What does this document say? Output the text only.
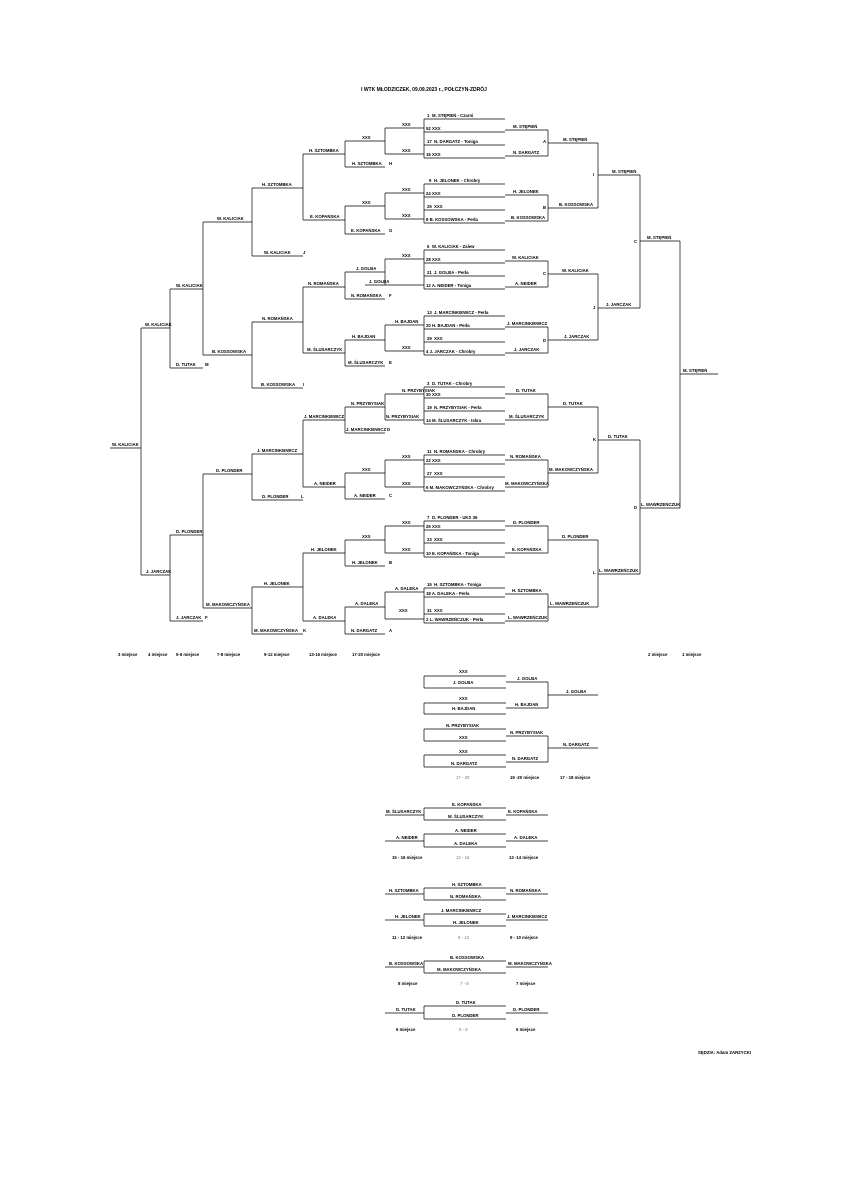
I WTK MŁODZICZEK, 09.09.2023 r., POŁCZYN-ZDRÓJ
1 M. STĘPIEŃ - Czarni
52 XXX
17 N. DARGATZ - Toniga
16 XXX
9 H. JELONEK - Chrobry
24 XXX
25 XXX
8 B. KOSSOWSKA - Perła
5 W. KALICIAK - Zalew
28 XXX
21 J. GOLBA - Perła
12 A. NEIDER - Toniga
13 J. MARCINKIEWICZ - Perła
20 H. BAJDAN - Perła
29 XXX
4 J. JARCZAK - Chrobry
3 D. TUTAK - Chrobry
30 XXX
19 N. PRZYBYSIAK - Perła
14 M. ŚLUSARCZYK - Iskra
11 N. ROMAŃSKA - Chrobry
22 XXX
27 XXX
6 M. MAKOWCZYŃSKA - Chrobry
7 D. PLONDER - UKS 36
26 XXX
23 XXX
10 E. KOPAŃSKA - Toniga
15 H. SZTOMBKA - Toniga
18 A. DALEKA - Perła
31 XXX
2 L. WAWRZEŃCZUK - Perła
M. STĘPIEŃ
N. DARGATZ
A
H. JELONEK
B. KOSSOWSKA
B
W. KALICIAK
A. NEIDER
C
J. MARCINKIEWICZ
J. JARCZAK
D
D. TUTAK
M. ŚLUSARCZYK
N. ROMAŃSKA
M. MAKOWCZYŃSKA
D. PLONDER
E. KOPAŃSKA
H. SZTOMBKA
L. WAWRZEŃCZUK
M. STĘPIEŃ
B. KOSSOWSKA
I
W. KALICIAK
J. JARCZAK
J
D. TUTAK
M. MAKOWCZYŃSKA
K
D. PLONDER
L. WAWRZEŃCZUK
L
M. STĘPIEŃ
J. JARCZAK
C
D. TUTAK
L. WAWRZEŃCZUK
D
M. STĘPIEŃ
L. WAWRZEŃCZUK
M. STĘPIEŃ
XXX
XXX
XXX
H. SZTOMBKA H
XXX
XXX
XXX
E. KOPAŃSKA G
XXX
J. GOLBA
J. GOLBA
N. ROMAŃSKA F
H. BAJDAN
H. BAJDAN
XXX
M. ŚLUSARCZYK E
N. PRZYBYSIAK
N. PRZYBYSIAK
N. PRZYBYSIAK
J. MARCINKIEWICZ D
XXX
XXX
XXX
A. NEIDER	C
XXX
XXX
XXX
H. JELONEK	B
A. DALEKA
A. DALEKA
XXX
N. DARGATZ	A
H. SZTOMBKA
E. KOPAŃSKA
N. ROMAŃSKA
M. ŚLUSARCZYK
J. MARCINKIEWICZ
A. NEIDER
H. JELONEK
A. DALEKA
H. SZTOMBKA
W. KALICIAK	J
N. ROMAŃSKA
B. KOSSOWSKA I
J. MARCINKIEWICZ
D. PLONDER	L
H. JELONEK
M. MAKOWCZYŃSKA K
W. KALICIAK
B. KOSSOWSKA
D. PLONDER
M. MAKOWCZYŃSKA
W. KALICIAK
D. TUTAK M
D. PLONDER
J. JARCZAK F
W. KALICIAK
J. JARCZAK
W. KALICIAK
3 miejsce 4 miejsce 5-6 miejsce	7-8 miejsce	9-12 miejsce	13-16 miejsce	17-20 miejsce	2 miejsce	1 miejsce
XXX
J. GOLBA
J. GOLBA
XXX
H. BAJDAN
H. BAJDAN
J. GOLBA
N. PRZYBYSIAK
XXX
N. PRZYBYSIAK
XXX
N. DARGATZ
N. DARGATZ
N. DARGATZ
17 - 20	19 -20 miejsce	17 - 18 miejsce
E. KOPAŃSKA
M. ŚLUSARCZYK	E. KOPAŃSKA
M. ŚLUSARCZYK
A. NEIDER
A. NEIDER	A. DALEKA
A. DALEKA
15 - 16 miejsce	13 - 16	13 -14 miejsce
H. SZTOMBKA
H. SZTOMBKA	N. ROMAŃSKA
N. ROMAŃSKA
J. MARCINKIEWICZ
H. JELONEK	J. MARCINKIEWICZ
H. JELONEK
11 - 12 miejsce	9 - 12	9 - 10 miejsce
B. KOSSOWSKA
B. KOSSOWSKA	M. MAKOWCZYŃSKA
M. MAKOWCZYŃSKA
8 miejsce	7 - 8	7 miejsce
D. TUTAK
D. TUTAK	D. PLONDER
D. PLONDER
6 miejsce	5 - 6	5 miejsce
SĘDZIA: Adam ZARZYCKI
